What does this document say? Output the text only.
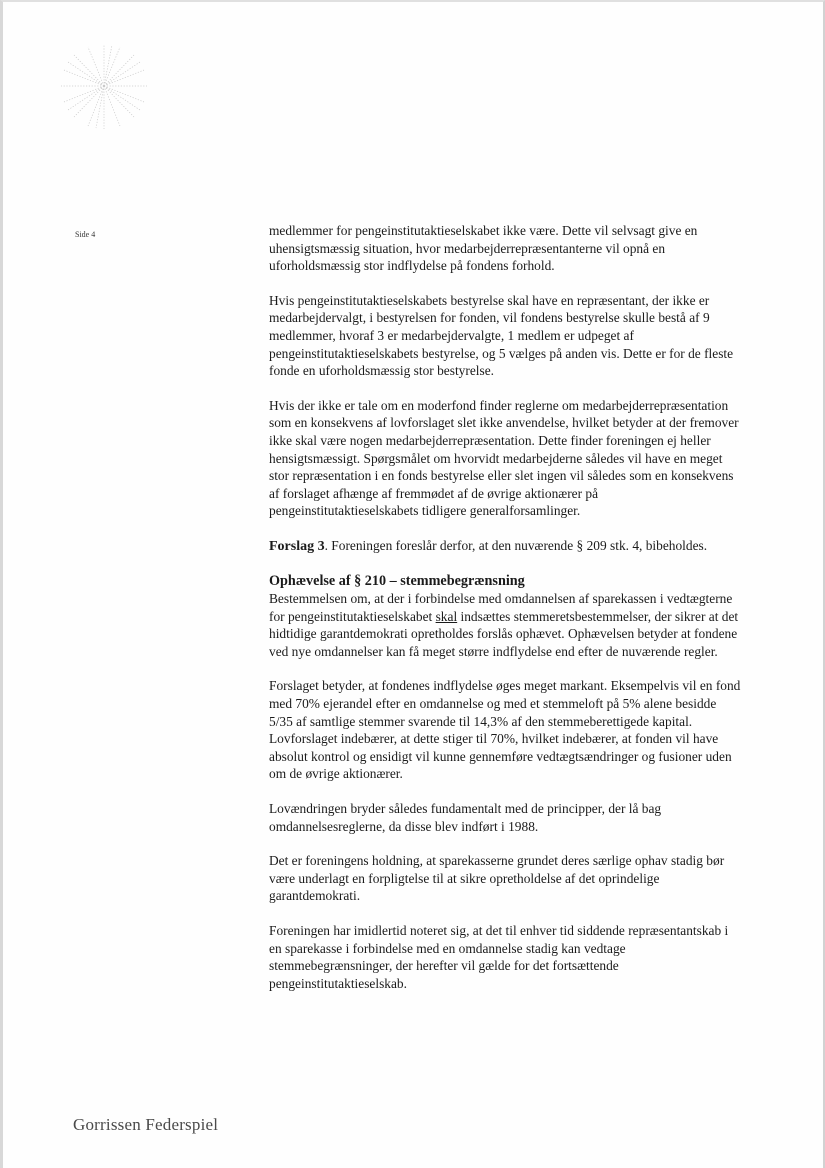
Side 4	medlemmer for pengeinstitutaktieselskabet ikke være. Dette vil selvsagt give en uhensigtsmæssig situation, hvor medarbejderrepræsentanterne vil opnå en uforholdsmæssig stor indflydelse på fondens forhold.

Hvis pengeinstitutaktieselskabets bestyrelse skal have en repræsentant, der ikke er medarbejdervalgt, i bestyrelsen for fonden, vil fondens bestyrelse skulle bestå af 9 medlemmer, hvoraf 3 er medarbejdervalgte, 1 medlem er udpeget af pengeinstitutaktieselskabets bestyrelse, og 5 vælges på anden vis. Dette er for de fleste fonde en uforholdsmæssig stor bestyrelse.

Hvis der ikke er tale om en moderfond finder reglerne om medarbejderrepræsentation som en konsekvens af lovforslaget slet ikke anvendelse, hvilket betyder at der fremover ikke skal være nogen medarbejderrepræsentation. Dette finder foreningen ej heller hensigtsmæssigt. Spørgsmålet om hvorvidt medarbejderne således vil have en meget stor repræsentation i en fonds bestyrelse eller slet ingen vil således som en konsekvens af forslaget afhænge af fremmødet af de øvrige aktionærer på pengeinstitutaktieselskabets tidligere generalforsamlinger.

Forslag 3. Foreningen foreslår derfor, at den nuværende § 209 stk. 4, bibeholdes.

Ophævelse af § 210 – stemmebegrænsning

Bestemmelsen om, at der i forbindelse med omdannelsen af sparekassen i vedtægterne for pengeinstitutaktieselskabet skal indsættes stemmeretsbestemmelser, der sikrer at det hidtidige garantdemokrati opretholdes forslås ophævet. Ophævelsen betyder at fondene ved nye omdannelser kan få meget større indflydelse end efter de nuværende regler.

Forslaget betyder, at fondenes indflydelse øges meget markant. Eksempelvis vil en fond med 70% ejerandel efter en omdannelse og med et stemmeloft på 5% alene besidde 5/35 af samtlige stemmer svarende til 14,3% af den stemmeberettigede kapital. Lovforslaget indebærer, at dette stiger til 70%, hvilket indebærer, at fonden vil have absolut kontrol og ensidigt vil kunne gennemføre vedtægtsændringer og fusioner uden om de øvrige aktionærer.

Lovændringen bryder således fundamentalt med de principper, der lå bag omdannelsesreglerne, da disse blev indført i 1988.

Det er foreningens holdning, at sparekasserne grundet deres særlige ophav stadig bør være underlagt en forpligtelse til at sikre opretholdelse af det oprindelige garantdemokrati.

Foreningen har imidlertid noteret sig, at det til enhver tid siddende repræsentantskab i en sparekasse i forbindelse med en omdannelse stadig kan vedtage stemmebegrænsninger, der herefter vil gælde for det fortsættende pengeinstitutaktieselskab.

Gorrissen Federspiel
